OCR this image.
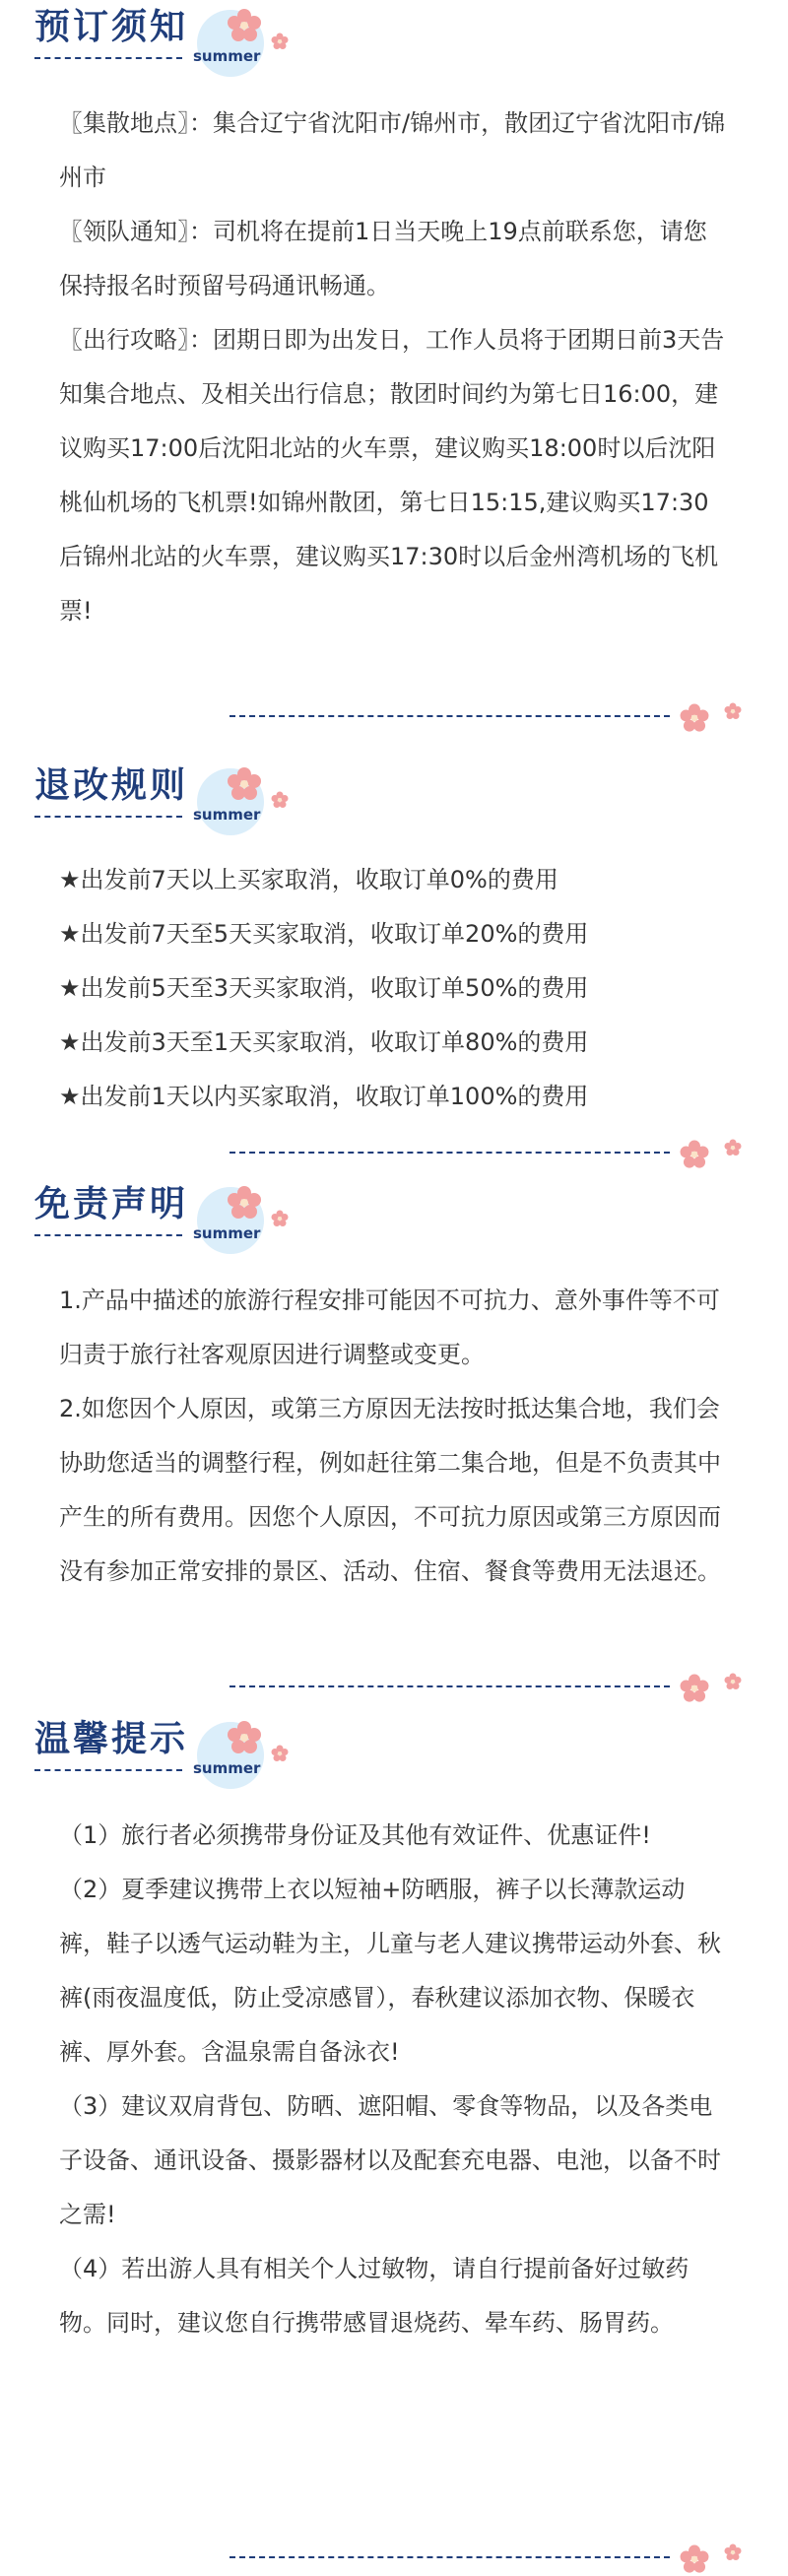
预订须知
summer

〖集散地点〗：集合辽宁省沈阳市/锦州市，散团辽宁省沈阳市/锦州市

〖领队通知〗：司机将在提前1日当天晚上19点前联系您，请您保持报名时预留号码通讯畅通。

〖出行攻略〗：团期日即为出发日，工作人员将于团期日前3天告知集合地点、及相关出行信息；散团时间约为第七日16:00，建议购买17:00后沈阳北站的火车票，建议购买18:00时以后沈阳桃仙机场的飞机票!如锦州散团，第七日15:15,建议购买17:30后锦州北站的火车票，建议购买17:30时以后金州湾机场的飞机票!

退改规则
summer

★出发前7天以上买家取消，收取订单0%的费用

★出发前7天至5天买家取消，收取订单20%的费用

★出发前5天至3天买家取消，收取订单50%的费用

★出发前3天至1天买家取消，收取订单80%的费用

★出发前1天以内买家取消，收取订单100%的费用

免责声明
summer

1.产品中描述的旅游行程安排可能因不可抗力、意外事件等不可归责于旅行社客观原因进行调整或变更。

2.如您因个人原因，或第三方原因无法按时抵达集合地，我们会协助您适当的调整行程，例如赶往第二集合地，但是不负责其中产生的所有费用。因您个人原因，不可抗力原因或第三方原因而没有参加正常安排的景区、活动、住宿、餐食等费用无法退还。

温馨提示
summer

（1）旅行者必须携带身份证及其他有效证件、优惠证件!

（2）夏季建议携带上衣以短袖+防晒服，裤子以长薄款运动裤，鞋子以透气运动鞋为主，儿童与老人建议携带运动外套、秋裤(雨夜温度低，防止受凉感冒），春秋建议添加衣物、保暖衣裤、厚外套。含温泉需自备泳衣!

（3）建议双肩背包、防晒、遮阳帽、零食等物品，以及各类电子设备、通讯设备、摄影器材以及配套充电器、电池，以备不时之需!

（4）若出游人具有相关个人过敏物，请自行提前备好过敏药物。同时，建议您自行携带感冒退烧药、晕车药、肠胃药。
